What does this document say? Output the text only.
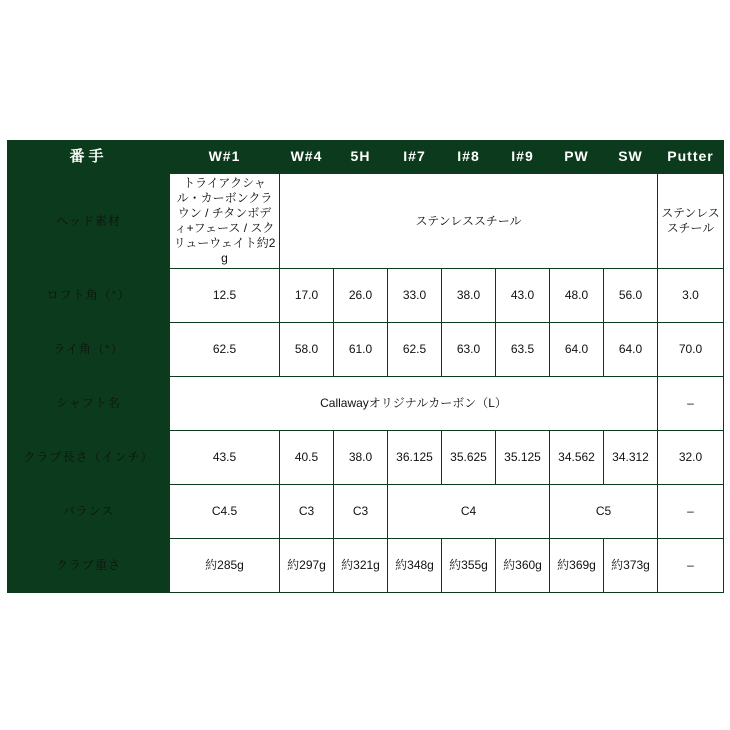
番手	W#1	W#4	5H	I#7	I#8	I#9	PW	SW	Putter
ヘッド素材	トライアクシャル・カーボンクラウン / チタンボディ+フェース / スクリューウェイト約2g	ステンレススチール							ステンレススチール
ロフト角（°）	12.5	17.0	26.0	33.0	38.0	43.0	48.0	56.0	3.0
ライ角（°）	62.5	58.0	61.0	62.5	63.0	63.5	64.0	64.0	70.0
シャフト名	Callawayオリジナルカーボン（L）								–
クラブ長さ（インチ）	43.5	40.5	38.0	36.125	35.625	35.125	34.562	34.312	32.0
バランス	C4.5	C3	C3	C4			C5		–
クラブ重さ	約285g	約297g	約321g	約348g	約355g	約360g	約369g	約373g	–
